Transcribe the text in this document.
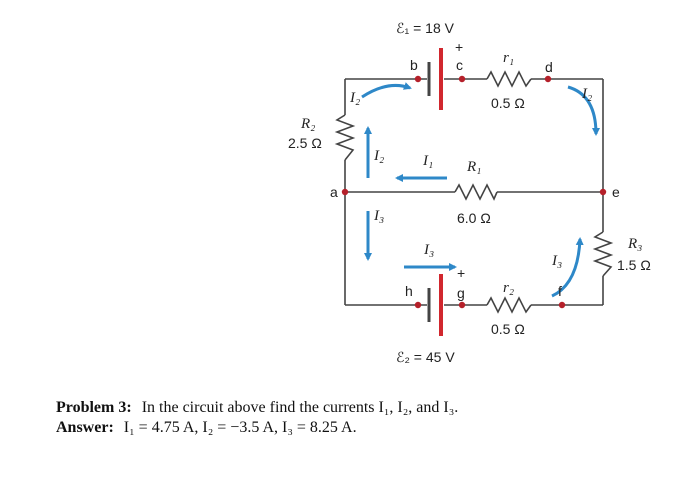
ℰ₁ = 18 V
+
ℰ₂ = 45 V
+
b	c	d
a	e
f
g
h
r₁
0.5 Ω
r₂
0.5 Ω
R₁
6.0 Ω
R₂
2.5 Ω
R₃
1.5 Ω
I₂	I₂
I₂	I₁
I₃
I₃
I₃
Problem 3: In the circuit above find the currents I₁, I₂, and I₃.
Answer: I₁ = 4.75 A, I₂ = −3.5 A, I₃ = 8.25 A.
